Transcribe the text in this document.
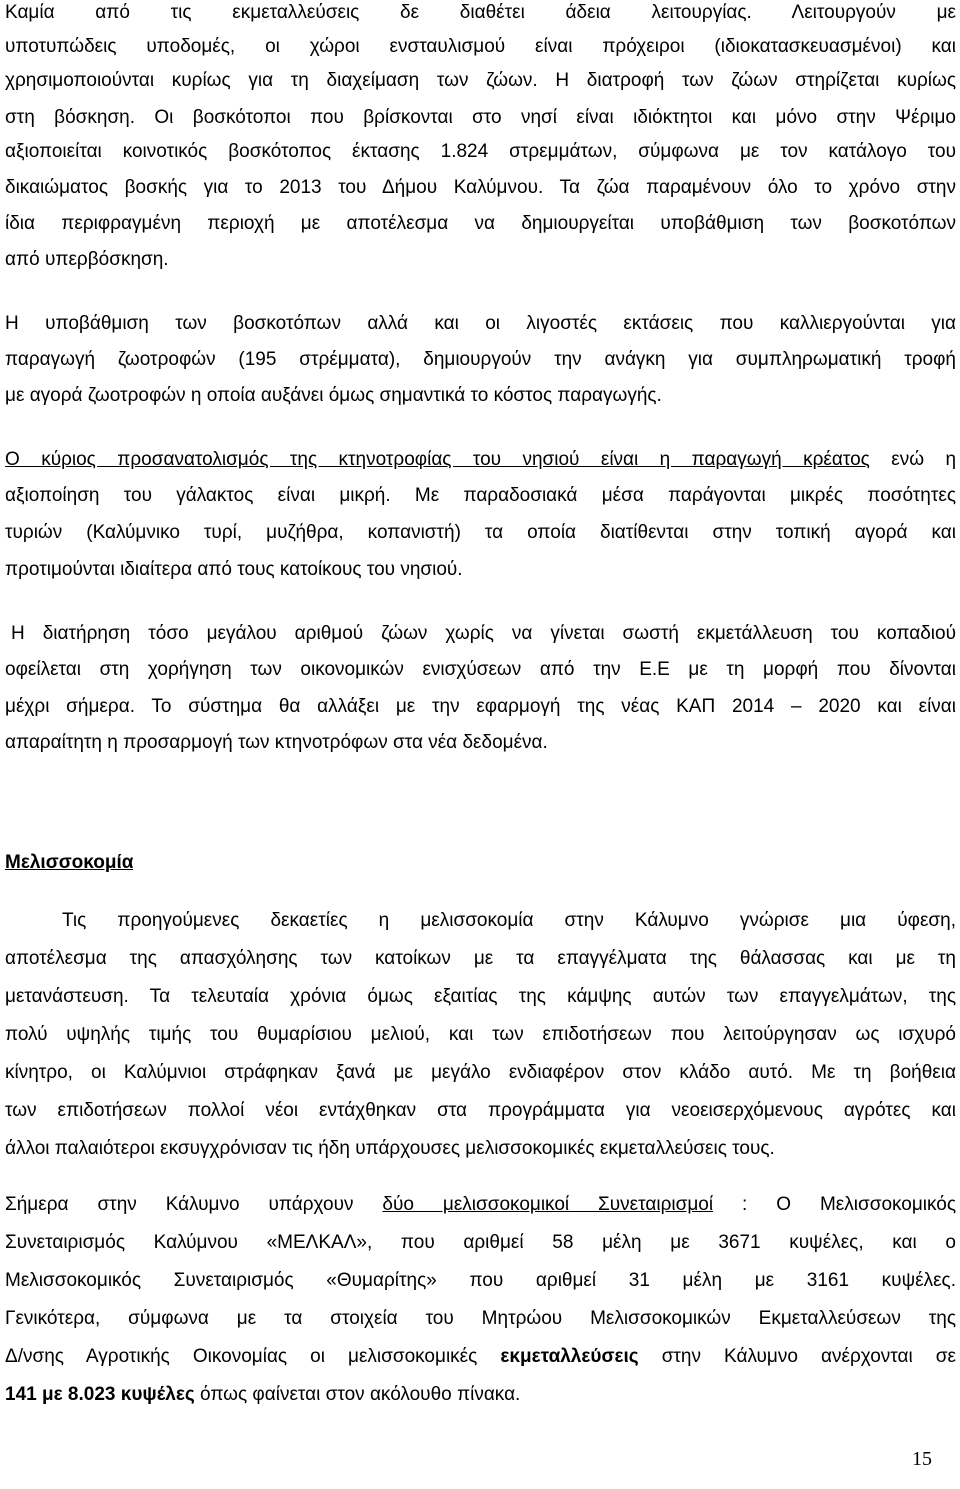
Καμία από τις εκμεταλλεύσεις δε διαθέτει άδεια λειτουργίας. Λειτουργούν με
υποτυπώδεις υποδομές, οι χώροι ενσταυλισμού είναι πρόχειροι (ιδιοκατασκευασμένοι) και
χρησιμοποιούνται κυρίως για τη διαχείμαση των ζώων. Η διατροφή των ζώων στηρίζεται κυρίως
στη βόσκηση. Οι βοσκότοποι που βρίσκονται στο νησί είναι ιδιόκτητοι και μόνο στην Ψέριμο
αξιοποιείται κοινοτικός βοσκότοπος έκτασης 1.824 στρεμμάτων, σύμφωνα με τον κατάλογο του
δικαιώματος βοσκής για το 2013 του Δήμου Καλύμνου. Τα ζώα παραμένουν όλο το χρόνο στην
ίδια περιφραγμένη περιοχή με αποτέλεσμα να δημιουργείται υποβάθμιση των βοσκοτόπων
από υπερβόσκηση.
Η υποβάθμιση των βοσκοτόπων αλλά και οι λιγοστές εκτάσεις που καλλιεργούνται για
παραγωγή ζωοτροφών (195 στρέμματα), δημιουργούν την ανάγκη για συμπληρωματική τροφή
με αγορά ζωοτροφών η οποία αυξάνει όμως σημαντικά το κόστος παραγωγής.
Ο κύριος προσανατολισμός της κτηνοτροφίας του νησιού είναι η παραγωγή κρέατος ενώ η
αξιοποίηση του γάλακτος είναι μικρή. Με παραδοσιακά μέσα παράγονται μικρές ποσότητες
τυριών (Καλύμνικο τυρί, μυζήθρα, κοπανιστή) τα οποία διατίθενται στην τοπική αγορά και
προτιμούνται ιδιαίτερα από τους κατοίκους του νησιού.
Η διατήρηση τόσο μεγάλου αριθμού ζώων χωρίς να γίνεται σωστή εκμετάλλευση του κοπαδιού
οφείλεται στη χορήγηση των οικονομικών ενισχύσεων από την Ε.Ε με τη μορφή που δίνονται
μέχρι σήμερα. Το σύστημα θα αλλάξει με την εφαρμογή της νέας ΚΑΠ 2014 – 2020 και είναι
απαραίτητη η προσαρμογή των κτηνοτρόφων στα νέα δεδομένα.
Μελισσοκομία
Τις προηγούμενες δεκαετίες η μελισσοκομία στην Κάλυμνο γνώρισε μια ύφεση,
αποτέλεσμα της απασχόλησης των κατοίκων με τα επαγγέλματα της θάλασσας και με τη
μετανάστευση. Τα τελευταία χρόνια όμως εξαιτίας της κάμψης αυτών των επαγγελμάτων, της
πολύ υψηλής τιμής του θυμαρίσιου μελιού, και των επιδοτήσεων που λειτούργησαν ως ισχυρό
κίνητρο, οι Καλύμνιοι στράφηκαν ξανά με μεγάλο ενδιαφέρον στον κλάδο αυτό. Με τη βοήθεια
των επιδοτήσεων πολλοί νέοι εντάχθηκαν στα προγράμματα για νεοεισερχόμενους αγρότες και
άλλοι παλαιότεροι εκσυγχρόνισαν τις ήδη υπάρχουσες μελισσοκομικές εκμεταλλεύσεις τους.
Σήμερα στην Κάλυμνο υπάρχουν δύο μελισσοκομικοί Συνεταιρισμοί : Ο Μελισσοκομικός
Συνεταιρισμός Καλύμνου «ΜΕΛΚΑΛ», που αριθμεί 58 μέλη με 3671 κυψέλες, και ο
Μελισσοκομικός Συνεταιρισμός «Θυμαρίτης» που αριθμεί 31 μέλη με 3161 κυψέλες.
Γενικότερα, σύμφωνα με τα στοιχεία του Μητρώου Μελισσοκομικών Εκμεταλλεύσεων της
Δ/νσης Αγροτικής Οικονομίας οι μελισσοκομικές εκμεταλλεύσεις στην Κάλυμνο ανέρχονται σε
141 με 8.023 κυψέλες όπως φαίνεται στον ακόλουθο πίνακα.
15
